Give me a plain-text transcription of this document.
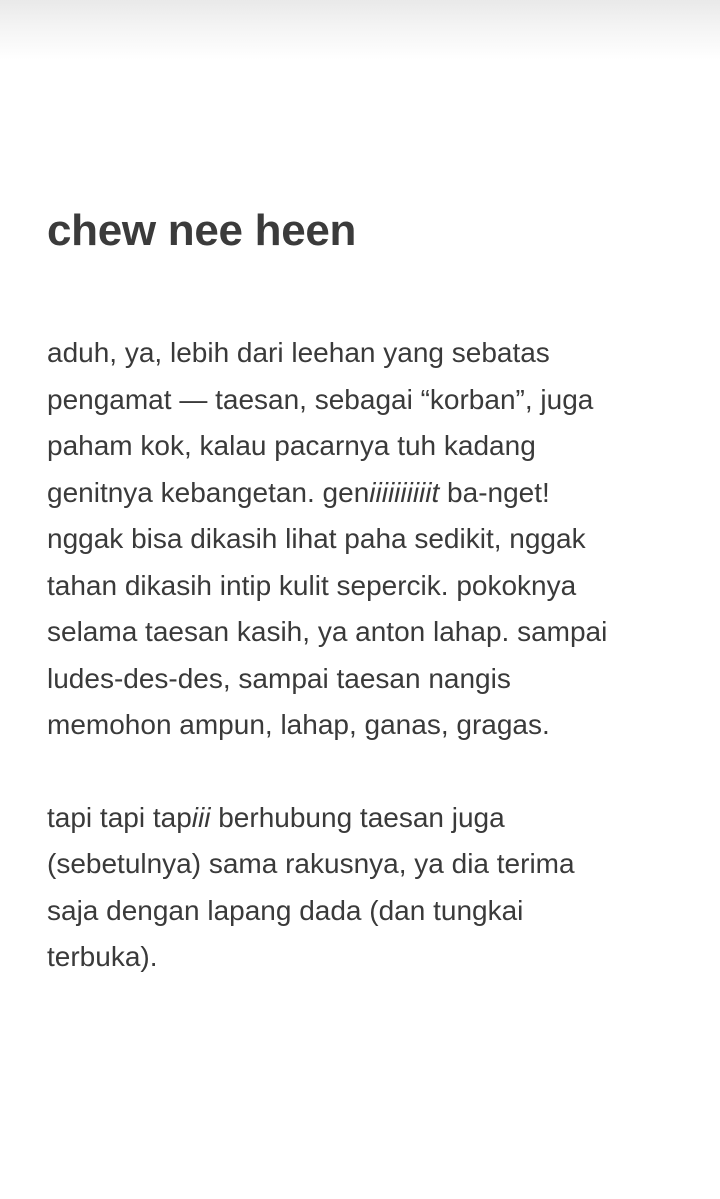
chew nee heen

aduh, ya, lebih dari leehan yang sebatas
pengamat — taesan, sebagai “korban”, juga
paham kok, kalau pacarnya tuh kadang
genitnya kebangetan. geniiiiiiiiiit ba-nget!
nggak bisa dikasih lihat paha sedikit, nggak
tahan dikasih intip kulit sepercik. pokoknya
selama taesan kasih, ya anton lahap. sampai
ludes-des-des, sampai taesan nangis
memohon ampun, lahap, ganas, gragas.

tapi tapi tapiii berhubung taesan juga
(sebetulnya) sama rakusnya, ya dia terima
saja dengan lapang dada (dan tungkai
terbuka).
